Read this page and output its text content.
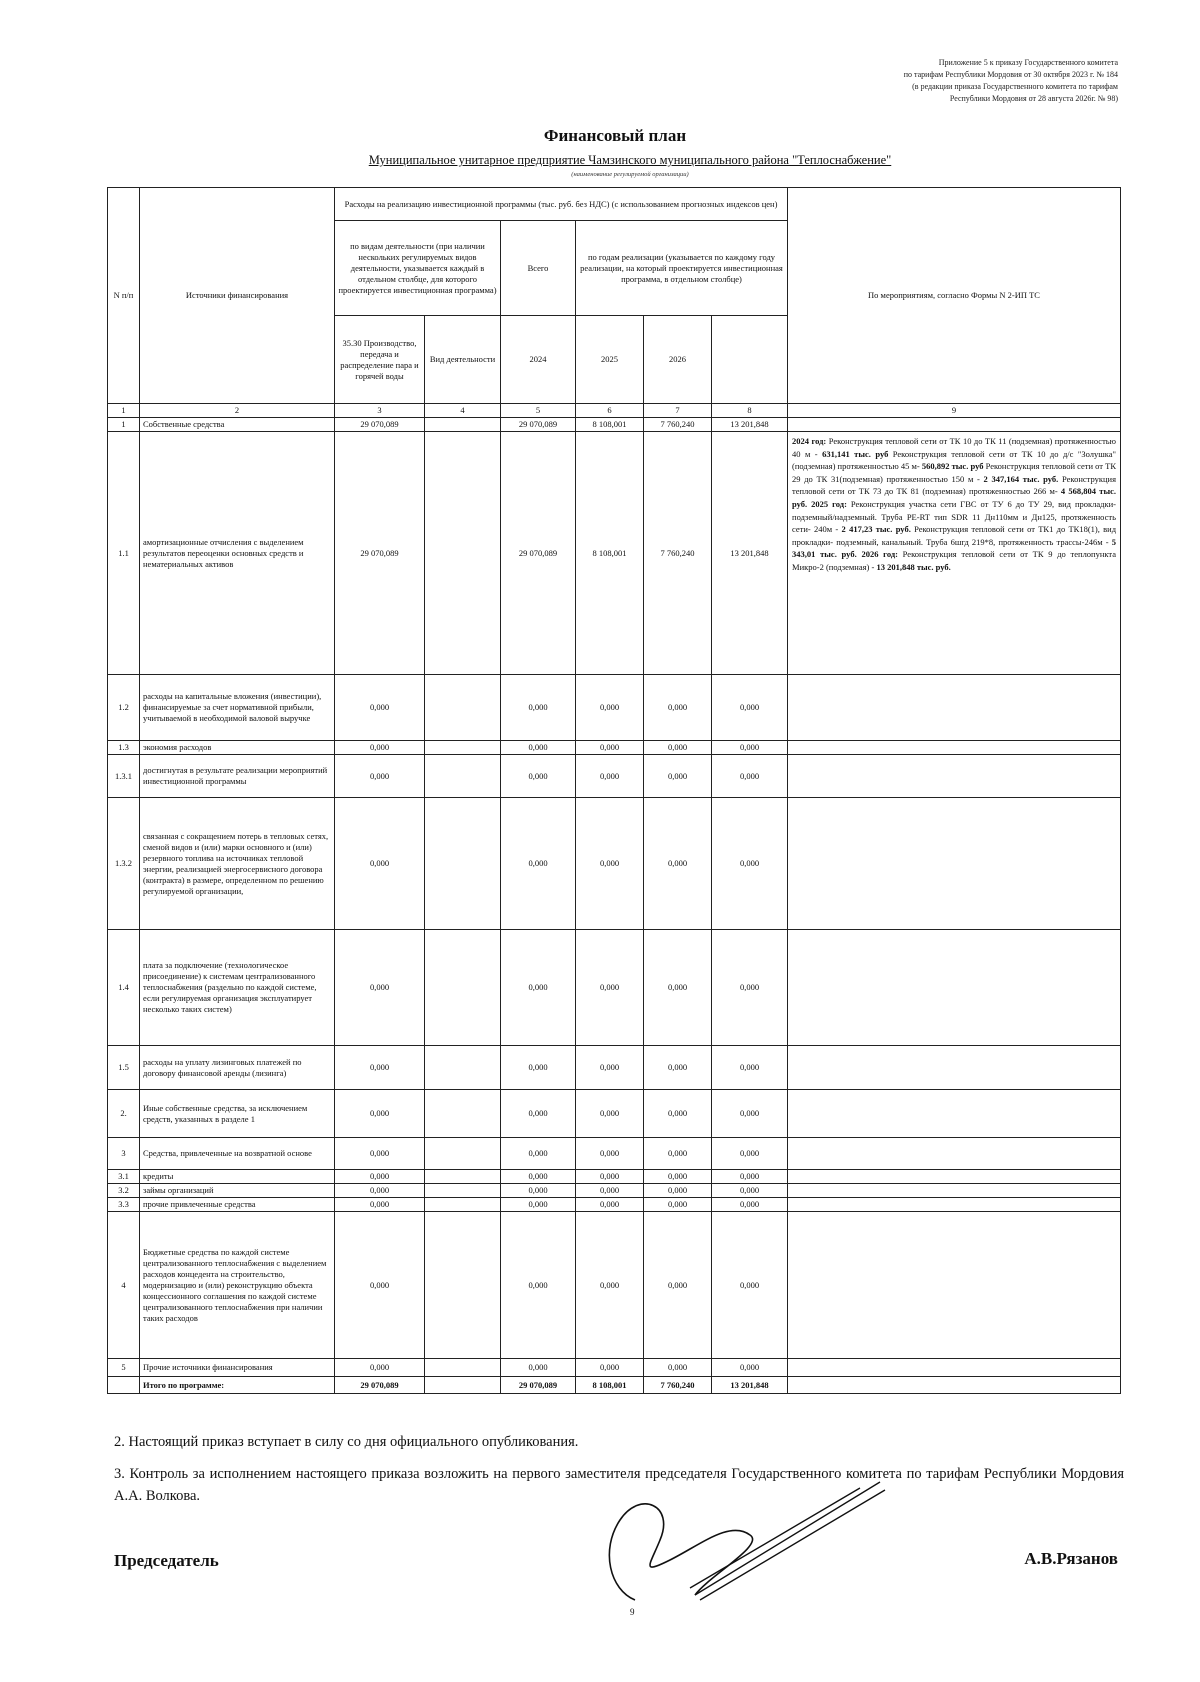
Приложение 5 к приказу Государственного комитета
по тарифам Республики Мордовия от 30 октября 2023 г. № 184
(в редакции приказа Государственного комитета по тарифам
Республики Мордовия от 28 августа 2026г. № 98)
Финансовый план
Муниципальное унитарное предприятие Чамзинского муниципального района "Теплоснабжение"
(наименование регулируемой организации)
N п/п	Источники финансирования	Расходы на реализацию инвестиционной программы (тыс. руб. без НДС) (с использованием прогнозных индексов цен)						По мероприятиям, согласно Формы N 2-ИП ТС
		по видам деятельности (при наличии нескольких регулируемых видов деятельности, указывается каждый в отдельном столбце, для которого проектируется инвестиционная программа)		Всего	по годам реализации (указывается по каждому году реализации, на который проектируется инвестиционная программа, в отдельном столбце)			

		35.30 Производство, передача и распределение пара и горячей воды	Вид деятельности	2024	2025	2026		
1	2	3	4	5	6	7	8	9
1	Собственные средства	29 070,089		29 070,089	8 108,001	7 760,240	13 201,848	
1.1	амортизационные отчисления с выделением результатов переоценки основных средств и нематериальных активов	29 070,089		29 070,089	8 108,001	7 760,240	13 201,848	2024 год: Реконструкция тепловой сети от ТК 10 до ТК 11 (подземная) протяженностью 40 м - 631,141 тыс. руб Реконструкция тепловой сети от ТК 10 до д/с "Золушка" (подземная) протяженностью 45 м- 560,892 тыс. руб Реконструкция тепловой сети от ТК 29 до ТК 31(подземная) протяженностью 150 м - 2 347,164 тыс. руб. Реконструкция тепловой сети от ТК 73 до ТК 81 (подземная) протяженностью 266 м- 4 568,804 тыс. руб. 2025 год: Реконструкция участка сети ГВС от ТУ 6 до ТУ 29, вид прокладки- подземный/надземный. Труба PE-RT тип SDR 11 Дн110мм и Дн125, протяженность сети- 240м - 2 417,23 тыс. руб. Реконструкция тепловой сети от ТК1 до ТК18(1), вид прокладки- подземный, канальный. Труба 6шгд 219*8, протяженность трассы-246м - 5 343,01 тыс. руб. 2026 год: Реконструкция тепловой сети от ТК 9 до теплопункта Микро-2 (подземная) - 13 201,848 тыс. руб.
1.2	расходы на капитальные вложения (инвестиции), финансируемые за счет нормативной прибыли, учитываемой в необходимой валовой выручке	0,000		0,000	0,000	0,000	0,000	
1.3	экономия расходов	0,000		0,000	0,000	0,000	0,000	
1.3.1	достигнутая в результате реализации мероприятий инвестиционной программы	0,000		0,000	0,000	0,000	0,000	
1.3.2	связанная с сокращением потерь в тепловых сетях, сменой видов и (или) марки основного и (или) резервного топлива на источниках тепловой энергии, реализацией энергосервисного договора (контракта) в размере, определенном по решению регулируемой организации,	0,000		0,000	0,000	0,000	0,000	
1.4	плата за подключение (технологическое присоединение) к системам централизованного теплоснабжения (раздельно по каждой системе, если регулируемая организация эксплуатирует несколько таких систем)	0,000		0,000	0,000	0,000	0,000	
1.5	расходы на уплату лизинговых платежей по договору финансовой аренды (лизинга)	0,000		0,000	0,000	0,000	0,000	
2.	Иные собственные средства, за исключением средств, указанных в разделе 1	0,000		0,000	0,000	0,000	0,000	
3	Средства, привлеченные на возвратной основе	0,000		0,000	0,000	0,000	0,000	
3.1	кредиты	0,000		0,000	0,000	0,000	0,000	
3.2	займы организаций	0,000		0,000	0,000	0,000	0,000	
3.3	прочие привлеченные средства	0,000		0,000	0,000	0,000	0,000	
4	Бюджетные средства по каждой системе централизованного теплоснабжения с выделением расходов концедента на строительство, модернизацию и (или) реконструкцию объекта концессионного соглашения по каждой системе централизованного теплоснабжения при наличии таких расходов	0,000		0,000	0,000	0,000	0,000	
5	Прочие источники финансирования	0,000		0,000	0,000	0,000	0,000	
	Итого по программе:	29 070,089		29 070,089	8 108,001	7 760,240	13 201,848	
2. Настоящий приказ вступает в силу со дня официального опубликования.
3. Контроль за исполнением настоящего приказа возложить на первого заместителя председателя Государственного комитета по тарифам Республики Мордовия А.А. Волкова.
Председатель	А.В.Рязанов
9
